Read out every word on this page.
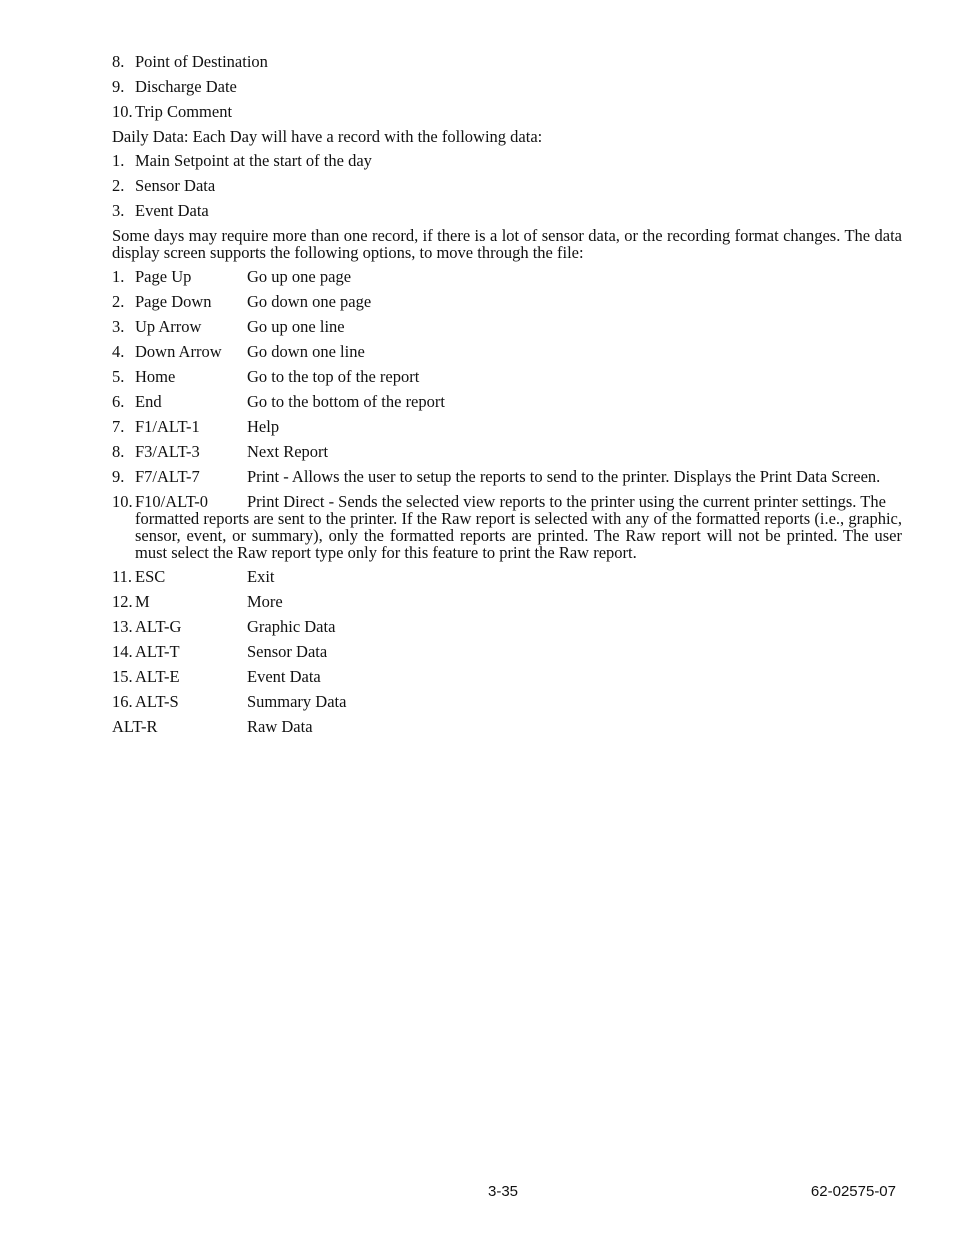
8. Point of Destination
9. Discharge Date
10. Trip Comment
Daily Data: Each Day will have a record with the following data:
1. Main Setpoint at the start of the day
2. Sensor Data
3. Event Data
Some days may require more than one record, if there is a lot of sensor data, or the recording format changes. The data display screen supports the following options, to move through the file:
1. Page Up	Go up one page
2. Page Down	Go down one page
3. Up Arrow	Go up one line
4. Down Arrow	Go down one line
5. Home	Go to the top of the report
6. End	Go to the bottom of the report
7. F1/ALT-1	Help
8. F3/ALT-3	Next Report
9. F7/ALT-7	Print - Allows the user to setup the reports to send to the printer. Displays the Print Data Screen.
10. F10/ALT-0	Print Direct - Sends the selected view reports to the printer using the current printer settings. The
formatted reports are sent to the printer. If the Raw report is selected with any of the formatted reports (i.e., graphic, sensor, event, or summary), only the formatted reports are printed. The Raw report will not be printed. The user must select the Raw report type only for this feature to print the Raw report.
11. ESC	Exit
12. M	More
13. ALT-G	Graphic Data
14. ALT-T	Sensor Data
15. ALT-E	Event Data
16. ALT-S	Summary Data
ALT-R	Raw Data
3-35	62-02575-07
